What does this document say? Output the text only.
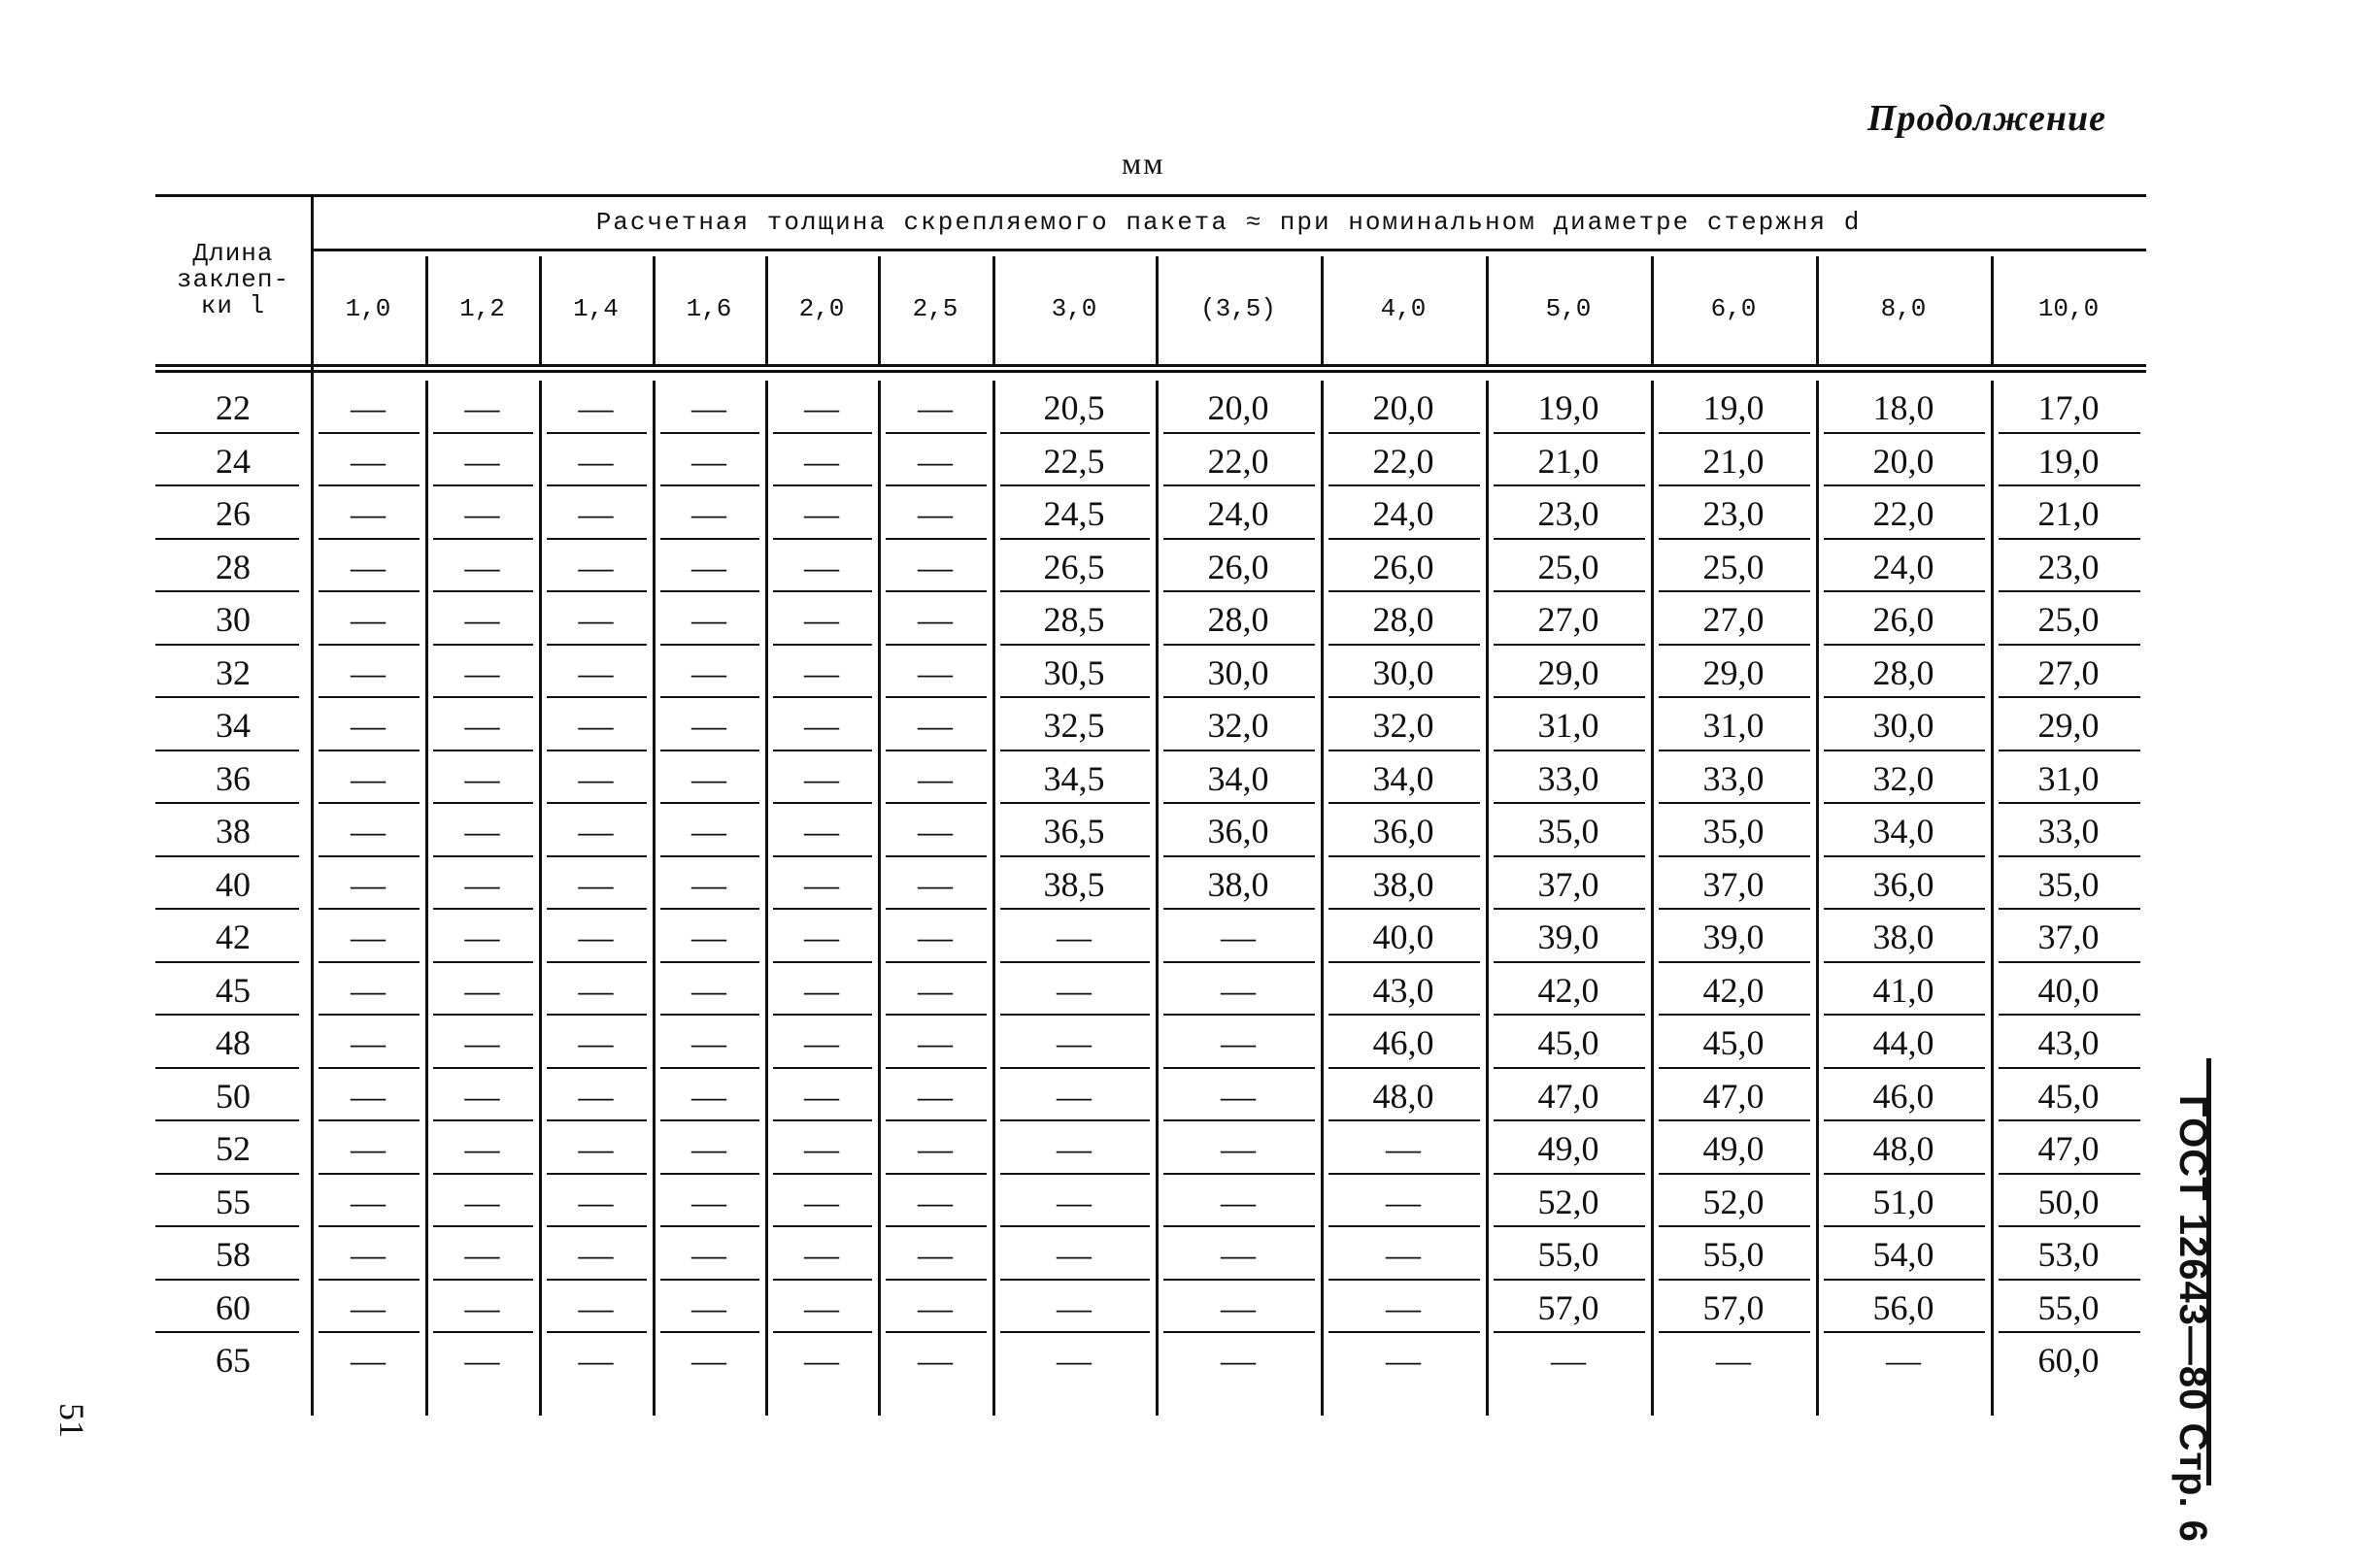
Продолжение
мм
51	ГОСТ 12643—80 Стр. 6
Длина
заклеп-
ки l
Расчетная толщина скрепляемого пакета ≈ при номинальном диаметре стержня d
1,0	1,2	1,4	1,6	2,0	2,5	3,0	(3,5)	4,0	5,0	6,0	8,0	10,0
22	—	—	—	—	—	—	20,5	20,0	20,0	19,0	19,0	18,0	17,0
24	—	—	—	—	—	—	22,5	22,0	22,0	21,0	21,0	20,0	19,0
26	—	—	—	—	—	—	24,5	24,0	24,0	23,0	23,0	22,0	21,0
28	—	—	—	—	—	—	26,5	26,0	26,0	25,0	25,0	24,0	23,0
30	—	—	—	—	—	—	28,5	28,0	28,0	27,0	27,0	26,0	25,0
32	—	—	—	—	—	—	30,5	30,0	30,0	29,0	29,0	28,0	27,0
34	—	—	—	—	—	—	32,5	32,0	32,0	31,0	31,0	30,0	29,0
36	—	—	—	—	—	—	34,5	34,0	34,0	33,0	33,0	32,0	31,0
38	—	—	—	—	—	—	36,5	36,0	36,0	35,0	35,0	34,0	33,0
40	—	—	—	—	—	—	38,5	38,0	38,0	37,0	37,0	36,0	35,0
42	—	—	—	—	—	—	—	—	40,0	39,0	39,0	38,0	37,0
45	—	—	—	—	—	—	—	—	43,0	42,0	42,0	41,0	40,0
48	—	—	—	—	—	—	—	—	46,0	45,0	45,0	44,0	43,0
50	—	—	—	—	—	—	—	—	48,0	47,0	47,0	46,0	45,0
52	—	—	—	—	—	—	—	—	—	49,0	49,0	48,0	47,0
55	—	—	—	—	—	—	—	—	—	52,0	52,0	51,0	50,0
58	—	—	—	—	—	—	—	—	—	55,0	55,0	54,0	53,0
60	—	—	—	—	—	—	—	—	—	57,0	57,0	56,0	55,0
65	—	—	—	—	—	—	—	—	—	—	—	—	60,0
